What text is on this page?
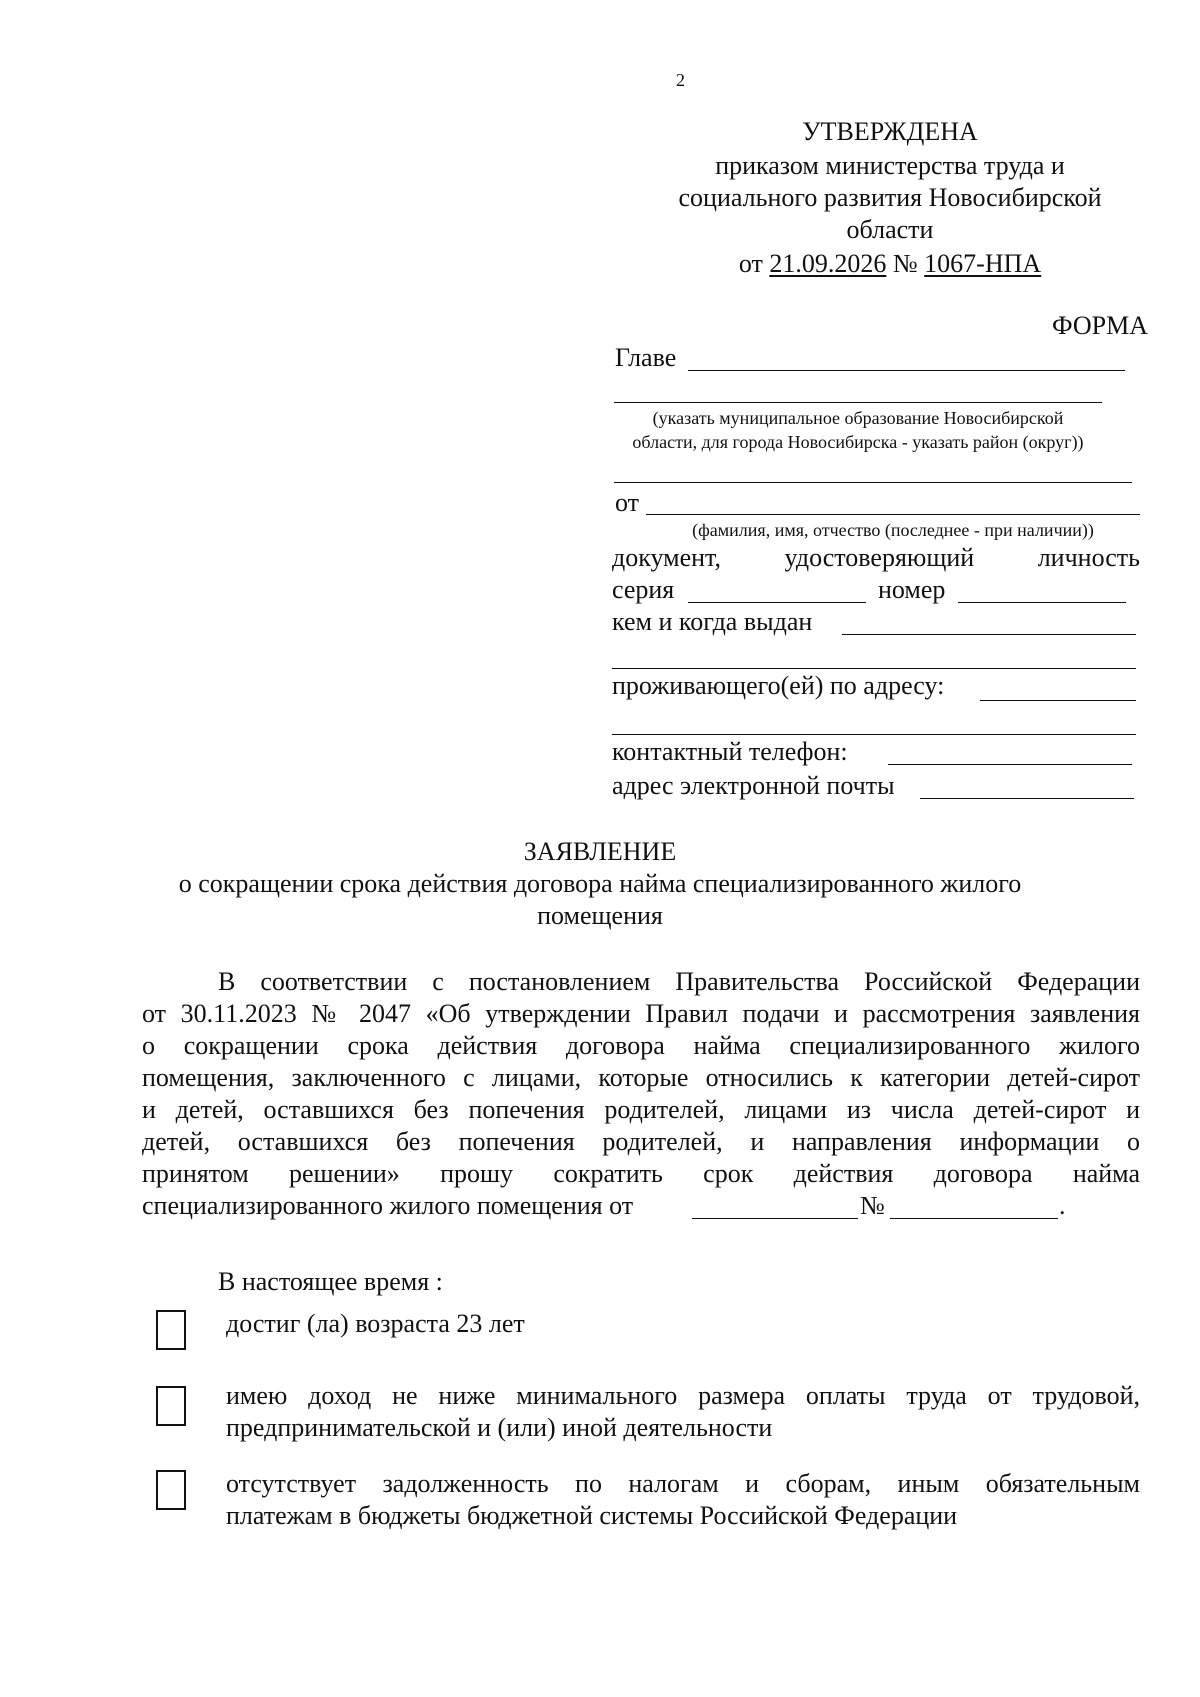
2
УТВЕРЖДЕНА
приказом министерства труда и
социального развития Новосибирской
области
от 21.09.2026 № 1067-НПА
ФОРМА
Главе
(указать муниципальное образование Новосибирской
области, для города Новосибирска - указать район (округ))
от
(фамилия, имя, отчество (последнее - при наличии))
документ, удостоверяющий личность
серия	номер
кем и когда выдан
проживающего(ей) по адресу:
контактный телефон:
адрес электронной почты
ЗАЯВЛЕНИЕ
о сокращении срока действия договора найма специализированного жилого
помещения
В соответствии с постановлением Правительства Российской Федерации
от 30.11.2023 № 2047 «Об утверждении Правил подачи и рассмотрения заявления
о сокращении срока действия договора найма специализированного жилого
помещения, заключенного с лицами, которые относились к категории детей-сирот
и детей, оставшихся без попечения родителей, лицами из числа детей-сирот и
детей, оставшихся без попечения родителей, и направления информации о
принятом решении» прошу сократить срок действия договора найма
специализированного жилого помещения от	№	.
В настоящее время :
достиг (ла) возраста 23 лет
имею доход не ниже минимального размера оплаты труда от трудовой,
предпринимательской и (или) иной деятельности
отсутствует задолженность по налогам и сборам, иным обязательным
платежам в бюджеты бюджетной системы Российской Федерации
